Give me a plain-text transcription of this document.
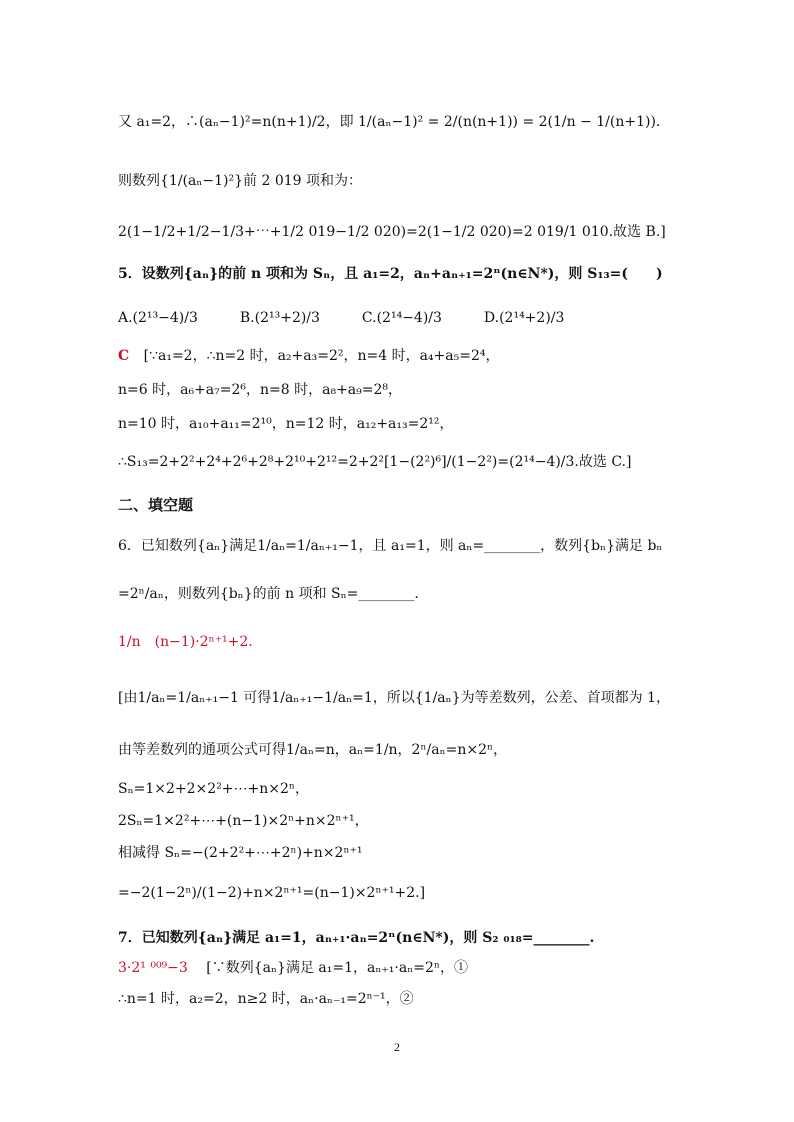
又 a₁=2，∴(aₙ−1)²=n(n+1)/2，即 1/(aₙ−1)² = 2/(n(n+1)) = 2(1/n − 1/(n+1)).
则数列{1/(aₙ−1)²}前 2 019 项和为：
2(1−1/2+1/2−1/3+⋯+1/2 019−1/2 020)=2(1−1/2 020)=2 019/1 010.故选 B.]
5．设数列{aₙ}的前 n 项和为 Sₙ，且 a₁=2，aₙ+aₙ₊₁=2ⁿ(n∈N*)，则 S₁₃=(　　)
A.(2¹³−4)/3　　　B.(2¹³+2)/3　　　C.(2¹⁴−4)/3　　　D.(2¹⁴+2)/3
C [∵a₁=2，∴n=2 时，a₂+a₃=2²，n=4 时，a₄+a₅=2⁴，
n=6 时，a₆+a₇=2⁶，n=8 时，a₈+a₉=2⁸，
n=10 时，a₁₀+a₁₁=2¹⁰，n=12 时，a₁₂+a₁₃=2¹²，
∴S₁₃=2+2²+2⁴+2⁶+2⁸+2¹⁰+2¹²=2+2²[1−(2²)⁶]/(1−2²)=(2¹⁴−4)/3.故选 C.]
二、填空题
6．已知数列{aₙ}满足1/aₙ=1/aₙ₊₁−1，且 a₁=1，则 aₙ=________，数列{bₙ}满足 bₙ
=2ⁿ/aₙ，则数列{bₙ}的前 n 项和 Sₙ=________.
1/n　(n−1)·2ⁿ⁺¹+2.
[由1/aₙ=1/aₙ₊₁−1 可得1/aₙ₊₁−1/aₙ=1，所以{1/aₙ}为等差数列，公差、首项都为 1，
由等差数列的通项公式可得1/aₙ=n，aₙ=1/n，2ⁿ/aₙ=n×2ⁿ，
Sₙ=1×2+2×2²+⋯+n×2ⁿ，
2Sₙ=1×2²+⋯+(n−1)×2ⁿ+n×2ⁿ⁺¹，
相减得 Sₙ=−(2+2²+⋯+2ⁿ)+n×2ⁿ⁺¹
=−2(1−2ⁿ)/(1−2)+n×2ⁿ⁺¹=(n−1)×2ⁿ⁺¹+2.]
7．已知数列{aₙ}满足 a₁=1，aₙ₊₁·aₙ=2ⁿ(n∈N*)，则 S₂ ₀₁₈=________.
3·2¹ ⁰⁰⁹−3 [∵数列{aₙ}满足 a₁=1，aₙ₊₁·aₙ=2ⁿ，①
∴n=1 时，a₂=2，n≥2 时，aₙ·aₙ₋₁=2ⁿ⁻¹，②
2
